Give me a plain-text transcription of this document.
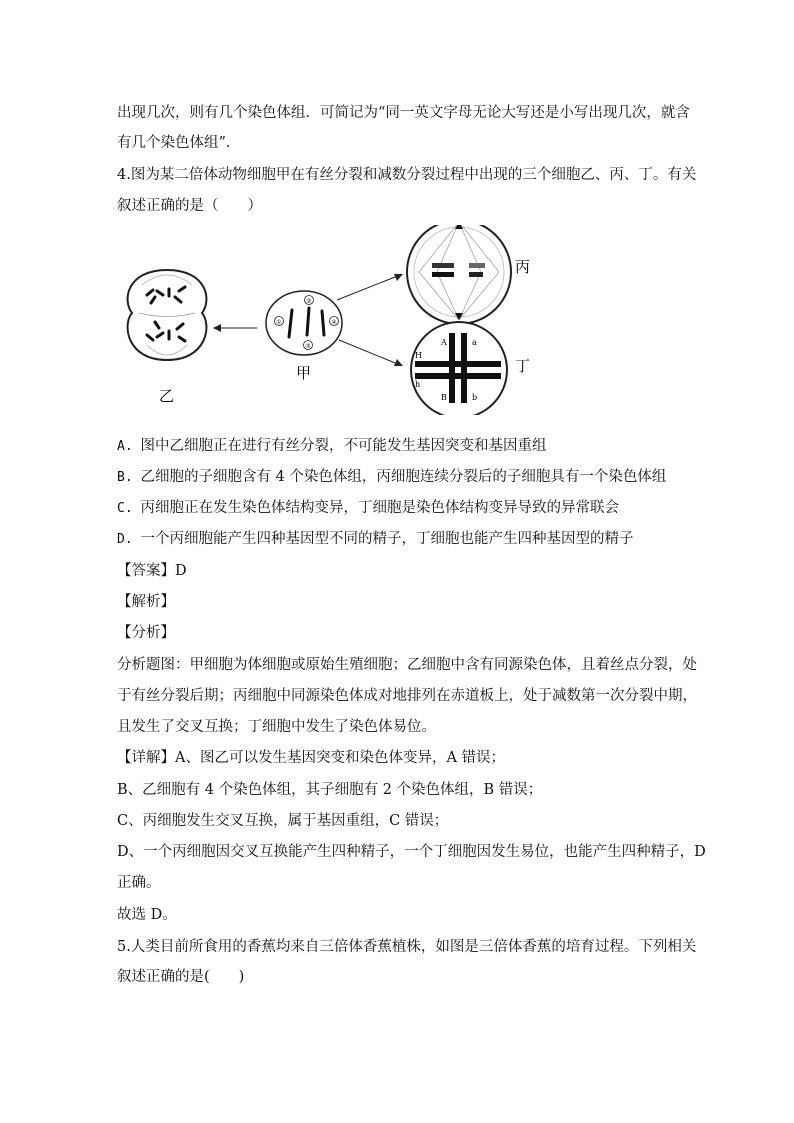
出现几次，则有几个染色体组．可简记为“同一英文字母无论大写还是小写出现几次，就含
有几个染色体组”．
4.图为某二倍体动物细胞甲在有丝分裂和减数分裂过程中出现的三个细胞乙、丙、丁。有关
叙述正确的是（　　）
乙
②
①	④
③
甲
丙
A	a
H
h
B	b
丁
A. 图中乙细胞正在进行有丝分裂，不可能发生基因突变和基因重组
B. 乙细胞的子细胞含有 4 个染色体组，丙细胞连续分裂后的子细胞具有一个染色体组
C. 丙细胞正在发生染色体结构变异，丁细胞是染色体结构变异导致的异常联会
D. 一个丙细胞能产生四种基因型不同的精子，丁细胞也能产生四种基因型的精子
【答案】D
【解析】
【分析】
分析题图：甲细胞为体细胞或原始生殖细胞；乙细胞中含有同源染色体，且着丝点分裂，处
于有丝分裂后期；丙细胞中同源染色体成对地排列在赤道板上，处于减数第一次分裂中期，
且发生了交叉互换；丁细胞中发生了染色体易位。
【详解】A、图乙可以发生基因突变和染色体变异，A 错误；
B、乙细胞有 4 个染色体组，其子细胞有 2 个染色体组，B 错误；
C、丙细胞发生交叉互换，属于基因重组，C 错误；
D、一个丙细胞因交叉互换能产生四种精子，一个丁细胞因发生易位，也能产生四种精子，D
正确。
故选 D。
5.人类目前所食用的香蕉均来自三倍体香蕉植株，如图是三倍体香蕉的培育过程。下列相关
叙述正确的是(　　)
